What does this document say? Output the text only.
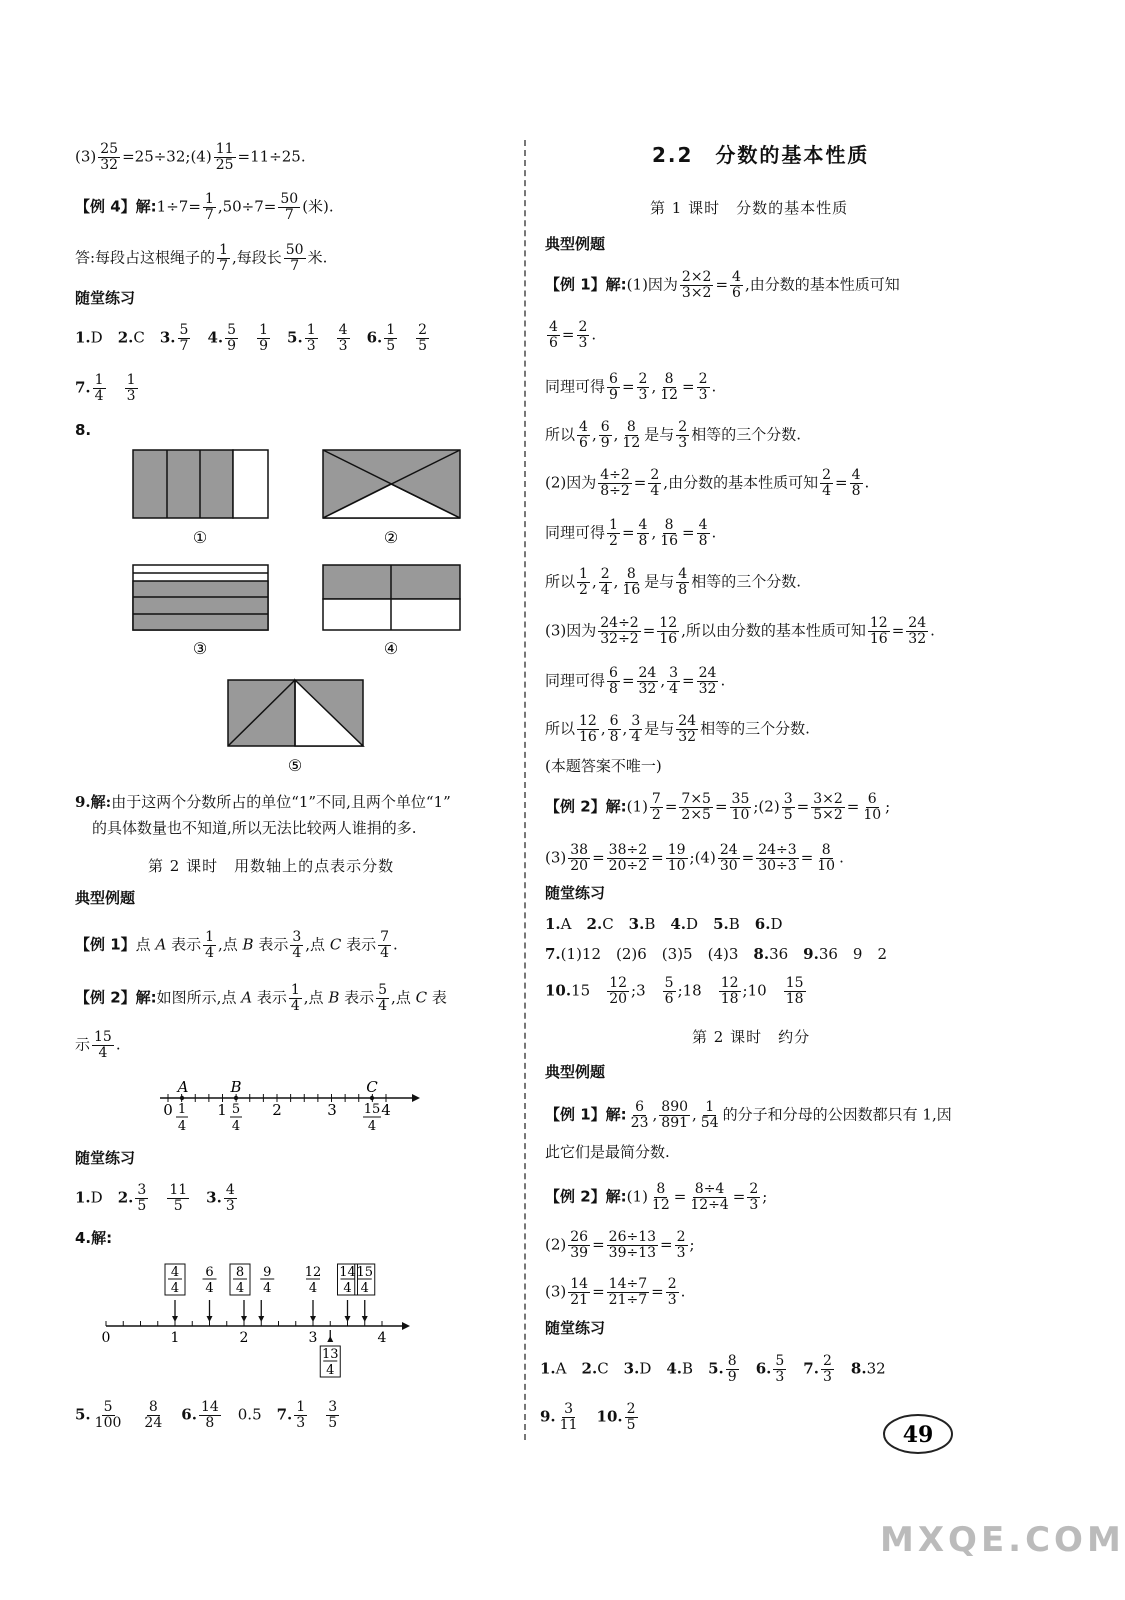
$(3) \frac{25}{32}$ =25÷32;(4) $\frac{11}{25} =11\div 25$.
【例 4】解:1÷7= $\frac{1}{7} ,50\div 7= \frac{50}{7}$ (米).
答:每段占这根绳子的 $\frac{1}{7}$ ,每段长 $\frac{50}{7}$ 米.
随堂练习
1.D　2.C　3. $\frac{5}{7}$
　 4. $\frac{5}{9}$
　 $\frac{1}{9}$
　 5. $\frac{1}{3}$
　 $\frac{4}{3}$
　 6. $\frac{1}{5}$
　 $\frac{2}{5}$
7. $\frac{1}{4}$
　 $\frac{1}{3}$
8.
①	②
③	④
⑤
9.解:由于这两个分数所占的单位“1”不同,且两个单位“1”
的具体数量也不知道,所以无法比较两人谁捐的多.
第 2 课时　用数轴上的点表示分数
典型例题
【例 1】点 A 表示 $\frac{1}{4}$ ,点 B 表示 $\frac{3}{4}$ ,点 C 表示 $\frac{7}{4}$ .
【例 2】解:如图所示,点 A 表示 $\frac{1}{4}$ ,点 B 表示 $\frac{5}{4}$ ,点 C 表
示 $\frac{15}{4}$ .
0	1	2	3	4
A	B	C
1
4
5
4
15
4
随堂练习
1.D　2. $\frac{3}{5}$
　 $\frac{11}{5}$
　 3. $\frac{4}{3}$
4.解:
0	1	2	3	4
4
4
6
4
8
4
9
4
12
4
14
4
15
4
13
4
5. $\frac{5}{100}$
　 $\frac{8}{24}$
　 6. $\frac{14}{8}$ 　0.5　7. $\frac{1}{3}$
　 $\frac{3}{5}$
2.2　分数的基本性质
第 1 课时　分数的基本性质
典型例题
【例 1】解:(1)因为 $\frac{2\times 2}{3\times 2} = \frac{4}{6}$ ,由分数的基本性质可知
$\frac{4}{6} = \frac{2}{3}$ .
同理可得 $\frac{6}{9} = \frac{2}{3}$ , $\frac{8}{12} = \frac{2}{3}$ .
所以 $\frac{4}{6}$ , $\frac{6}{9}$ , $\frac{8}{12}$ 是与 $\frac{2}{3}$ 相等的三个分数.
(2)因为 $\frac{4\div 2}{8\div 2} = \frac{2}{4}$ ,由分数的基本性质可知 $\frac{2}{4} = \frac{4}{8}$ .
同理可得 $\frac{1}{2} = \frac{4}{8}$ , $\frac{8}{16} = \frac{4}{8}$ .
所以 $\frac{1}{2}$ , $\frac{2}{4}$ , $\frac{8}{16}$ 是与 $\frac{4}{8}$ 相等的三个分数.
(3)因为 $\frac{24\div 2}{32\div 2} = \frac{12}{16}$ ,所以由分数的基本性质可知 $\frac{12}{16} = \frac{24}{32}$ .
同理可得 $\frac{6}{8} = \frac{24}{32}$ , $\frac{3}{4} = \frac{24}{32}$ .
所以 $\frac{12}{16}$ , $\frac{6}{8}$ , $\frac{3}{4}$ 是与 $\frac{24}{32}$ 相等的三个分数.
(本题答案不唯一)
【例 2】解:(1) $\frac{7}{2} = \frac{7\times 5}{2\times 5} = \frac{35}{10}$ ;(2) $\frac{3}{5} = \frac{3\times 2}{5\times 2} = \frac{6}{10}$ ;
$(3) \frac{38}{20} = \frac{38\div 2}{20\div 2} = \frac{19}{10}$ ;(4) $\frac{24}{30} = \frac{24\div 3}{30\div 3} = \frac{8}{10}$ .
随堂练习
1.A　2.C　3.B　4.D　5.B　6.D
7.(1)12　(2)6　(3)5　(4)3　8.36　9.36　9　2
10.15　 $\frac{12}{20}$ ;3　 $\frac{5}{6}$ ;18　 $\frac{12}{18}$ ;10　 $\frac{15}{18}$
第 2 课时　约分
典型例题
【例 1】解: $\frac{6}{23}$ , $\frac{890}{891}$ , $\frac{1}{54}$ 的分子和分母的公因数都只有 1,因
此它们是最简分数.
【例 2】解:(1) $\frac{8}{12} = \frac{8\div 4}{12\div 4} = \frac{2}{3}$ ;
$(2) \frac{26}{39} = \frac{26\div 13}{39\div 13} = \frac{2}{3}$ ;
$(3) \frac{14}{21} = \frac{14\div 7}{21\div 7} = \frac{2}{3}$ .
随堂练习
1.A　2.C　3.D　4.B　5. $\frac{8}{9}$
　 6. $\frac{5}{3}$
　 7. $\frac{2}{3}$
　 8.32
9. $\frac{3}{11}$
　 10. $\frac{2}{5}$
49
MXQE.COM
